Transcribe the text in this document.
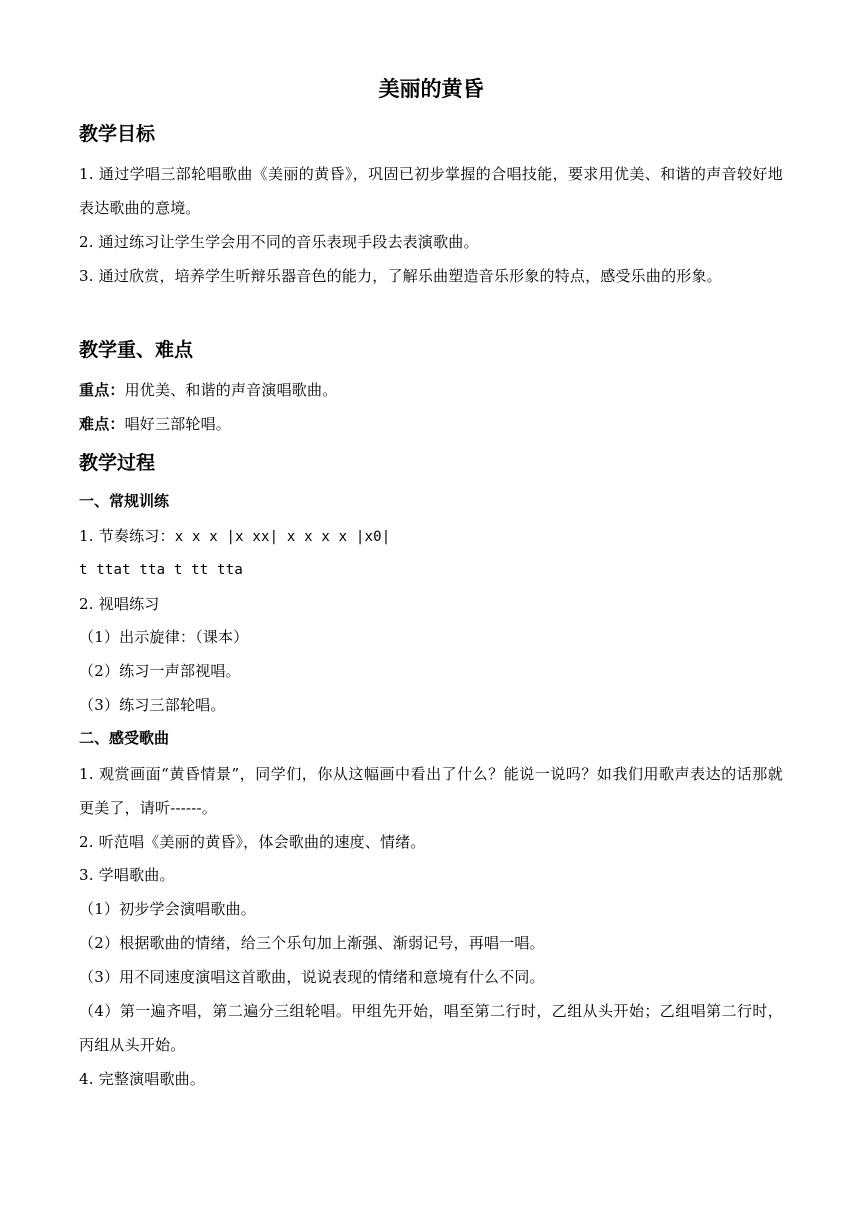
美丽的黄昏
教学目标
1. 通过学唱三部轮唱歌曲《美丽的黄昏》，巩固已初步掌握的合唱技能，要求用优美、和谐的声音较好地表达歌曲的意境。
2. 通过练习让学生学会用不同的音乐表现手段去表演歌曲。
3. 通过欣赏，培养学生听辩乐器音色的能力，了解乐曲塑造音乐形象的特点，感受乐曲的形象。
教学重、难点
重点：用优美、和谐的声音演唱歌曲。
难点：唱好三部轮唱。
教学过程
一、常规训练
1. 节奏练习：x x x |x xx| x x x x |x0|
t ttat tta t tt tta
2. 视唱练习
（1）出示旋律：（课本）
（2）练习一声部视唱。
（3）练习三部轮唱。
二、感受歌曲
1. 观赏画面“黄昏情景”，同学们，你从这幅画中看出了什么？能说一说吗？如我们用歌声表达的话那就更美了，请听------。
2. 听范唱《美丽的黄昏》，体会歌曲的速度、情绪。
3. 学唱歌曲。
（1）初步学会演唱歌曲。
（2）根据歌曲的情绪，给三个乐句加上渐强、渐弱记号，再唱一唱。
（3）用不同速度演唱这首歌曲，说说表现的情绪和意境有什么不同。
（4）第一遍齐唱，第二遍分三组轮唱。甲组先开始，唱至第二行时，乙组从头开始；乙组唱第二行时，丙组从头开始。
4. 完整演唱歌曲。
